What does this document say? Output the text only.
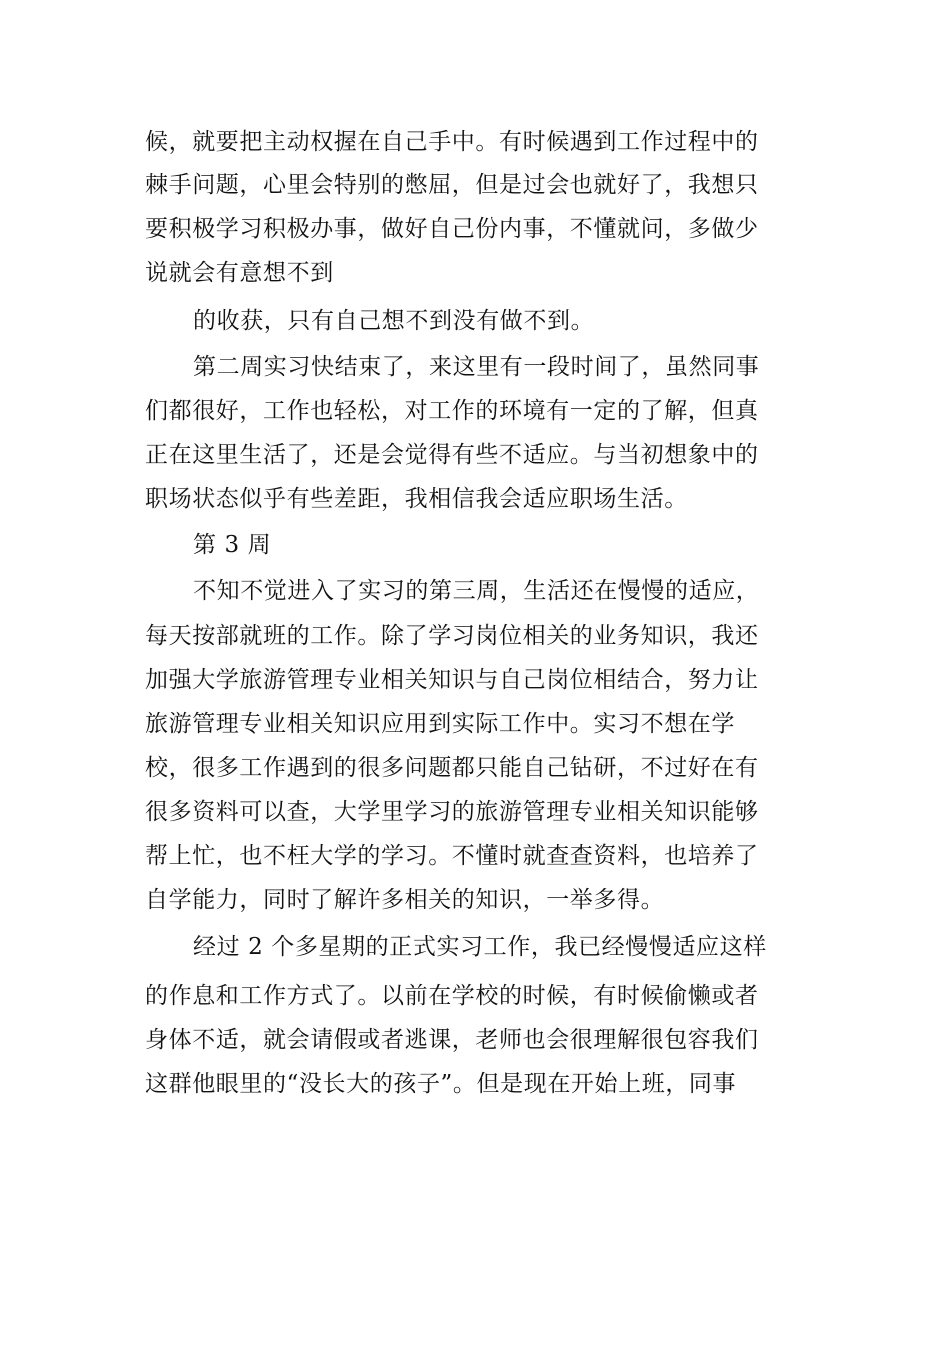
候，就要把主动权握在自己手中。有时候遇到工作过程中的
棘手问题，心里会特别的憋屈，但是过会也就好了，我想只
要积极学习积极办事，做好自己份内事，不懂就问，多做少
说就会有意想不到
的收获，只有自己想不到没有做不到。
第二周实习快结束了，来这里有一段时间了，虽然同事
们都很好，工作也轻松，对工作的环境有一定的了解，但真
正在这里生活了，还是会觉得有些不适应。与当初想象中的
职场状态似乎有些差距，我相信我会适应职场生活。
第 3 周
不知不觉进入了实习的第三周，生活还在慢慢的适应，
每天按部就班的工作。除了学习岗位相关的业务知识，我还
加强大学旅游管理专业相关知识与自己岗位相结合，努力让
旅游管理专业相关知识应用到实际工作中。实习不想在学
校，很多工作遇到的很多问题都只能自己钻研，不过好在有
很多资料可以查，大学里学习的旅游管理专业相关知识能够
帮上忙，也不枉大学的学习。不懂时就查查资料，也培养了
自学能力，同时了解许多相关的知识，一举多得。
经过 2 个多星期的正式实习工作，我已经慢慢适应这样
的作息和工作方式了。以前在学校的时候，有时候偷懒或者
身体不适，就会请假或者逃课，老师也会很理解很包容我们
这群他眼里的“没长大的孩子”。但是现在开始上班，同事
